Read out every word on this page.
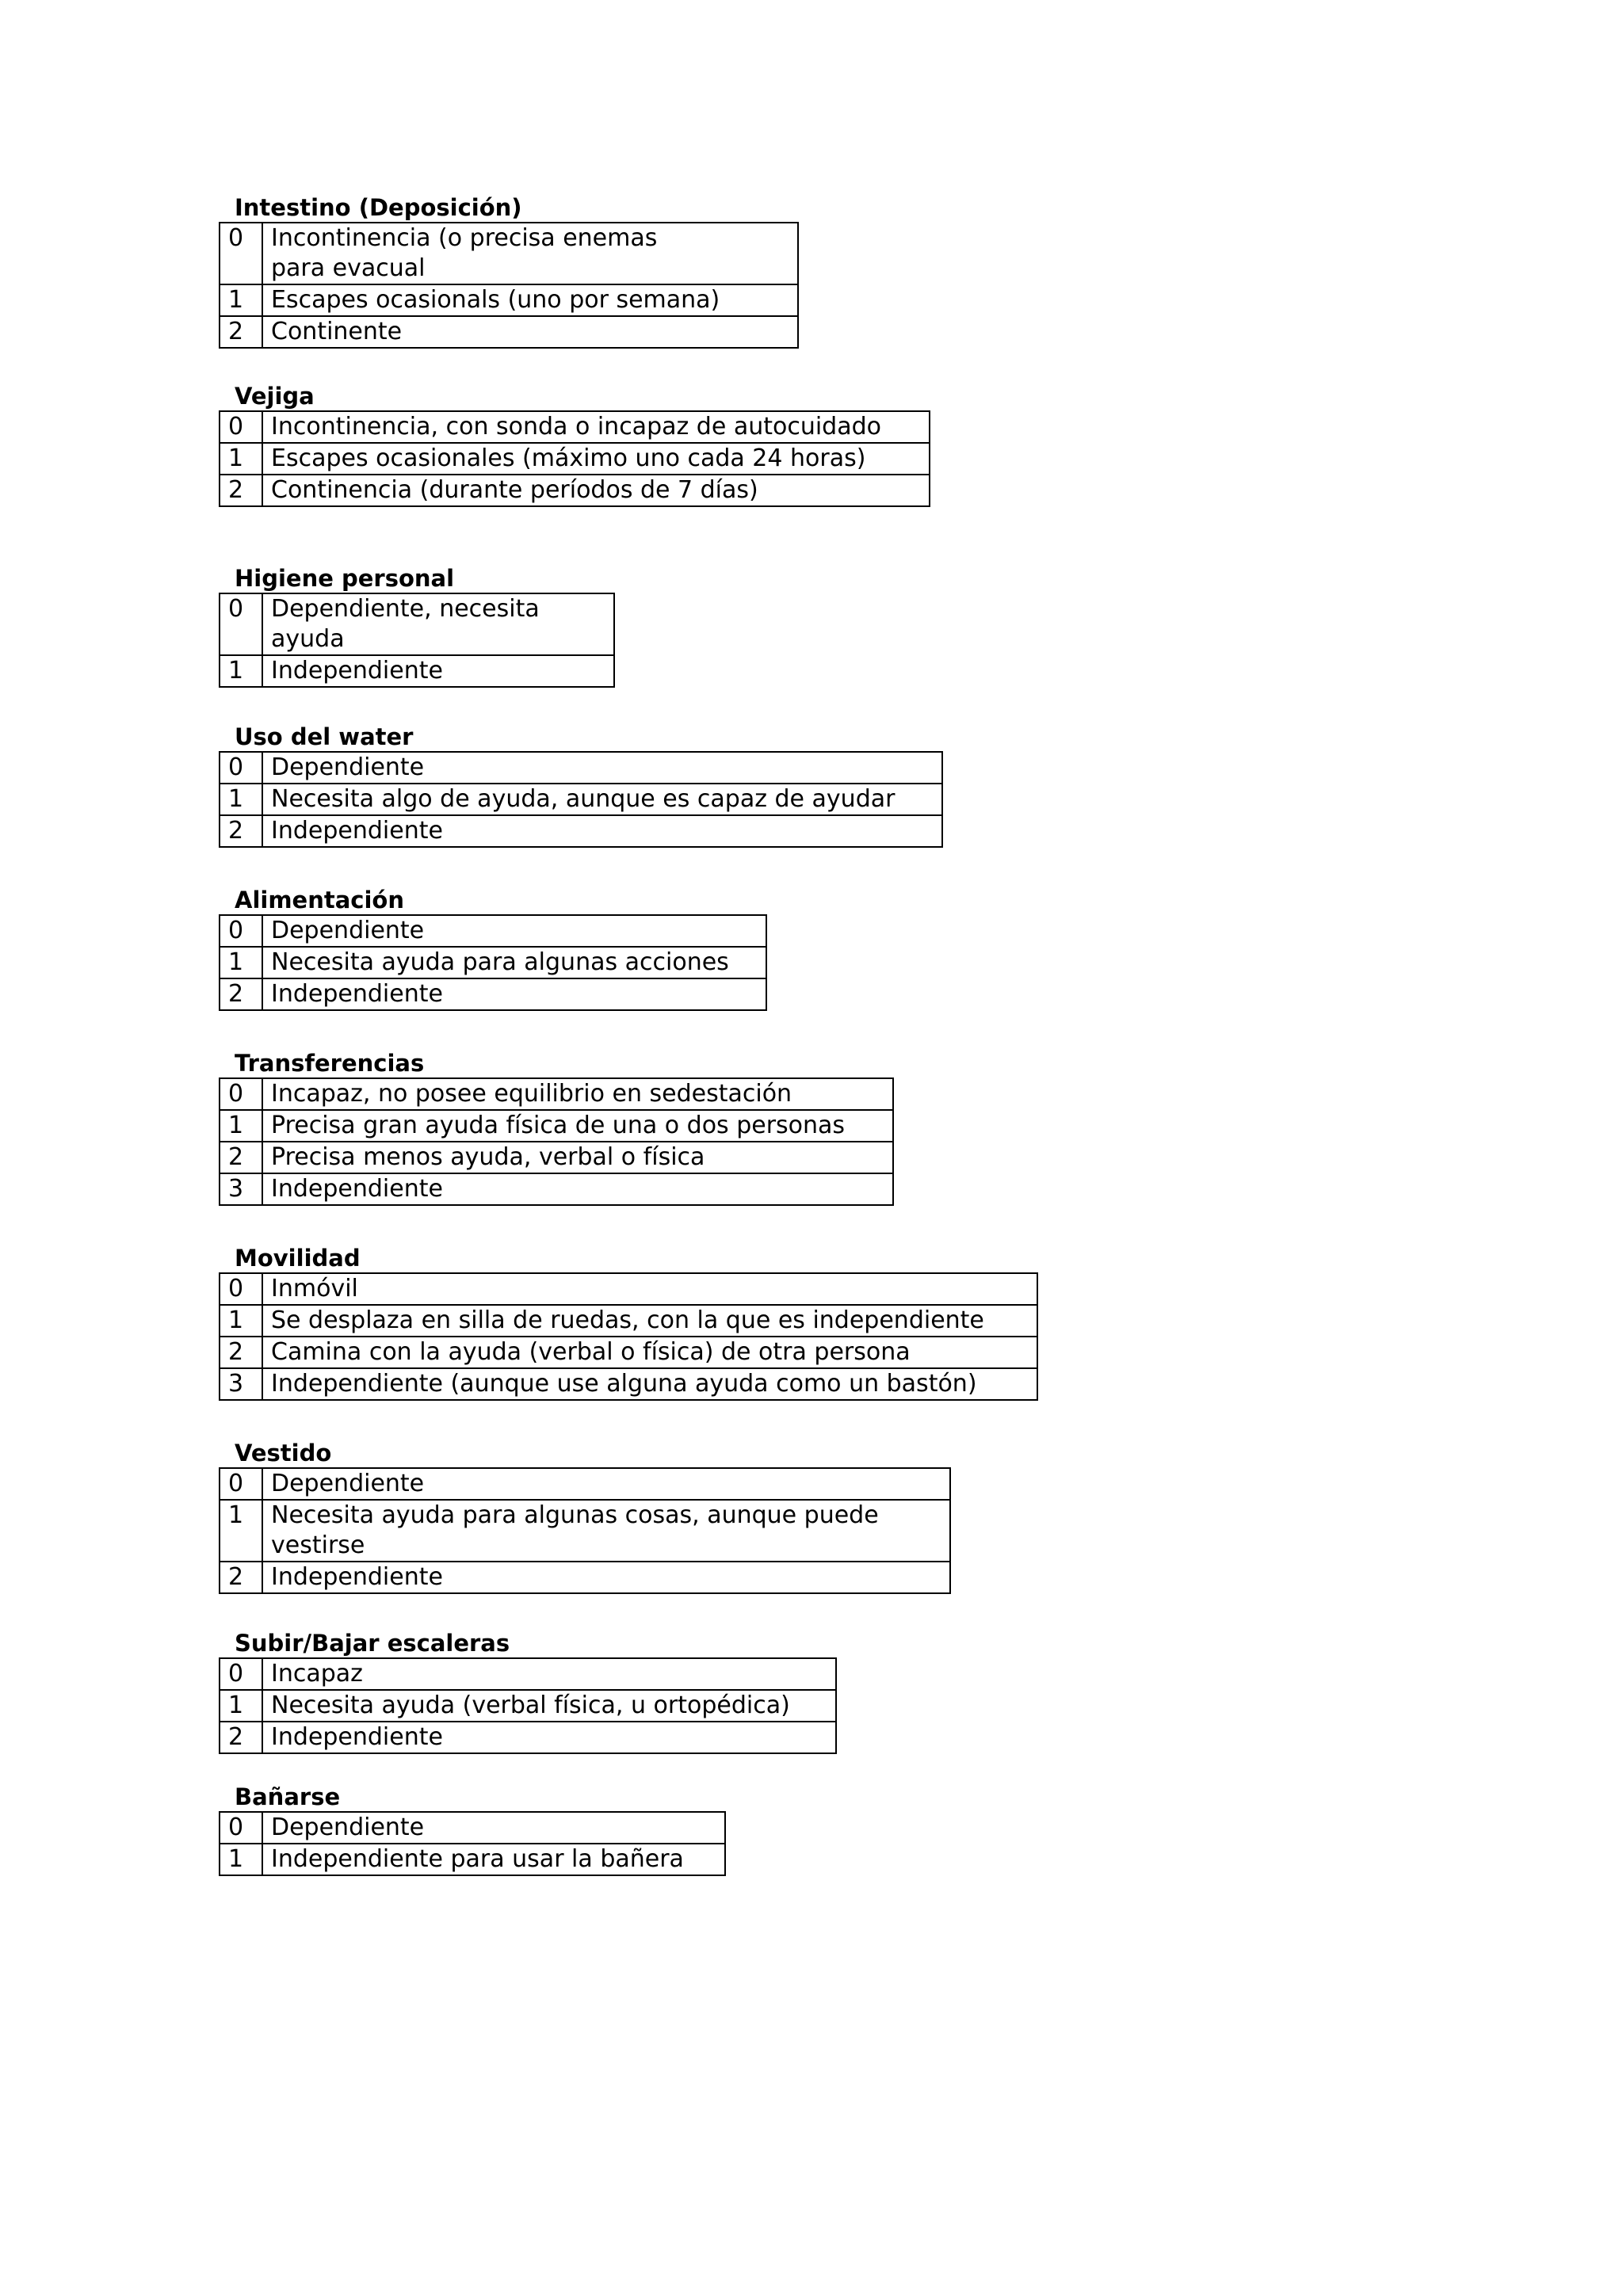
Intestino (Deposición)
0	Incontinencia (o precisa enemas para evacual

1	Escapes ocasionals (uno por semana)
2	Continente
Vejiga
0	Incontinencia, con sonda o incapaz de autocuidado
1	Escapes ocasionales (máximo uno cada 24 horas)
2	Continencia (durante períodos de 7 días)
Higiene personal
0	Dependiente, necesita ayuda

1	Independiente
Uso del water
0	Dependiente
1	Necesita algo de ayuda, aunque es capaz de ayudar
2	Independiente
Alimentación
0	Dependiente
1	Necesita ayuda para algunas acciones
2	Independiente
Transferencias
0	Incapaz, no posee equilibrio en sedestación
1	Precisa gran ayuda física de una o dos personas
2	Precisa menos ayuda, verbal o física
3	Independiente
Movilidad
0	Inmóvil
1	Se desplaza en silla de ruedas, con la que es independiente
2	Camina con la ayuda (verbal o física) de otra persona
3	Independiente (aunque use alguna ayuda como un bastón)
Vestido
0	Dependiente
1	Necesita ayuda para algunas cosas, aunque puede vestirse

2	Independiente
Subir/Bajar escaleras
0	Incapaz
1	Necesita ayuda (verbal física, u ortopédica)
2	Independiente
Bañarse
0	Dependiente
1	Independiente para usar la bañera
